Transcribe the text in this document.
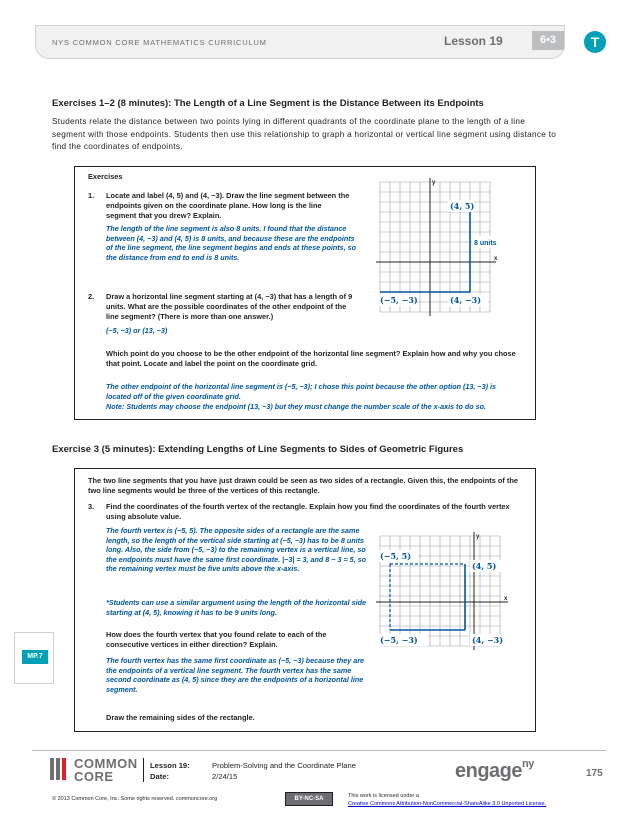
NYS COMMON CORE MATHEMATICS CURRICULUM	Lesson 19	6•3	T
Exercises 1–2 (8 minutes): The Length of a Line Segment is the Distance Between its Endpoints
Students relate the distance between two points lying in different quadrants of the coordinate plane to the length of a line segment with those endpoints. Students then use this relationship to graph a horizontal or vertical line segment using distance to find the coordinates of endpoints.
Exercises
1. Locate and label (4, 5) and (4, −3). Draw the line segment between the endpoints given on the coordinate plane. How long is the line segment that you drew? Explain.
The length of the line segment is also 8 units. I found that the distance between (4, −3) and (4, 5) is 8 units, and because these are the endpoints of the line segment, the line segment begins and ends at these points, so the distance from end to end is 8 units.
2. Draw a horizontal line segment starting at (4, −3) that has a length of 9 units. What are the possible coordinates of the other endpoint of the line segment? (There is more than one answer.)
(−5, −3) or (13, −3)
Which point do you choose to be the other endpoint of the horizontal line segment? Explain how and why you chose that point. Locate and label the point on the coordinate grid.
The other endpoint of the horizontal line segment is (−5, −3); I chose this point because the other option (13, −3) is located off of the given coordinate grid.
Note: Students may choose the endpoint (13, −3) but they must change the number scale of the x-axis to do so.
(4, 5)
8 units
(−5, −3)	(4, −3)
x
y
Exercise 3 (5 minutes): Extending Lengths of Line Segments to Sides of Geometric Figures
The two line segments that you have just drawn could be seen as two sides of a rectangle. Given this, the endpoints of the two line segments would be three of the vertices of this rectangle.
3. Find the coordinates of the fourth vertex of the rectangle. Explain how you find the coordinates of the fourth vertex using absolute value.
The fourth vertex is (−5, 5). The opposite sides of a rectangle are the same length, so the length of the vertical side starting at (−5, −3) has to be 8 units long. Also, the side from (−5, −3) to the remaining vertex is a vertical line, so the endpoints must have the same first coordinate. |−3| = 3, and 8 − 3 = 5, so the remaining vertex must be five units above the x-axis.
*Students can use a similar argument using the length of the horizontal side starting at (4, 5), knowing it has to be 9 units long.
How does the fourth vertex that you found relate to each of the consecutive vertices in either direction? Explain.
The fourth vertex has the same first coordinate as (−5, −3) because they are the endpoints of a vertical line segment. The fourth vertex has the same second coordinate as (4, 5) since they are the endpoints of a horizontal line segment.
Draw the remaining sides of the rectangle.
(−5, 5)
(4, 5)
(−5, −3)	(4, −3)
x
y
MP.7
COMMON CORE
Lesson 19:
Date:
Problem-Solving and the Coordinate Plane
2/24/15	engage$^{ny}$
175
© 2013 Common Core, Inc. Some rights reserved. commoncore.org	BY-NC-SA	This work is licensed under a
Creative Commons Attribution-NonCommercial-ShareAlike 3.0 Unported License.
